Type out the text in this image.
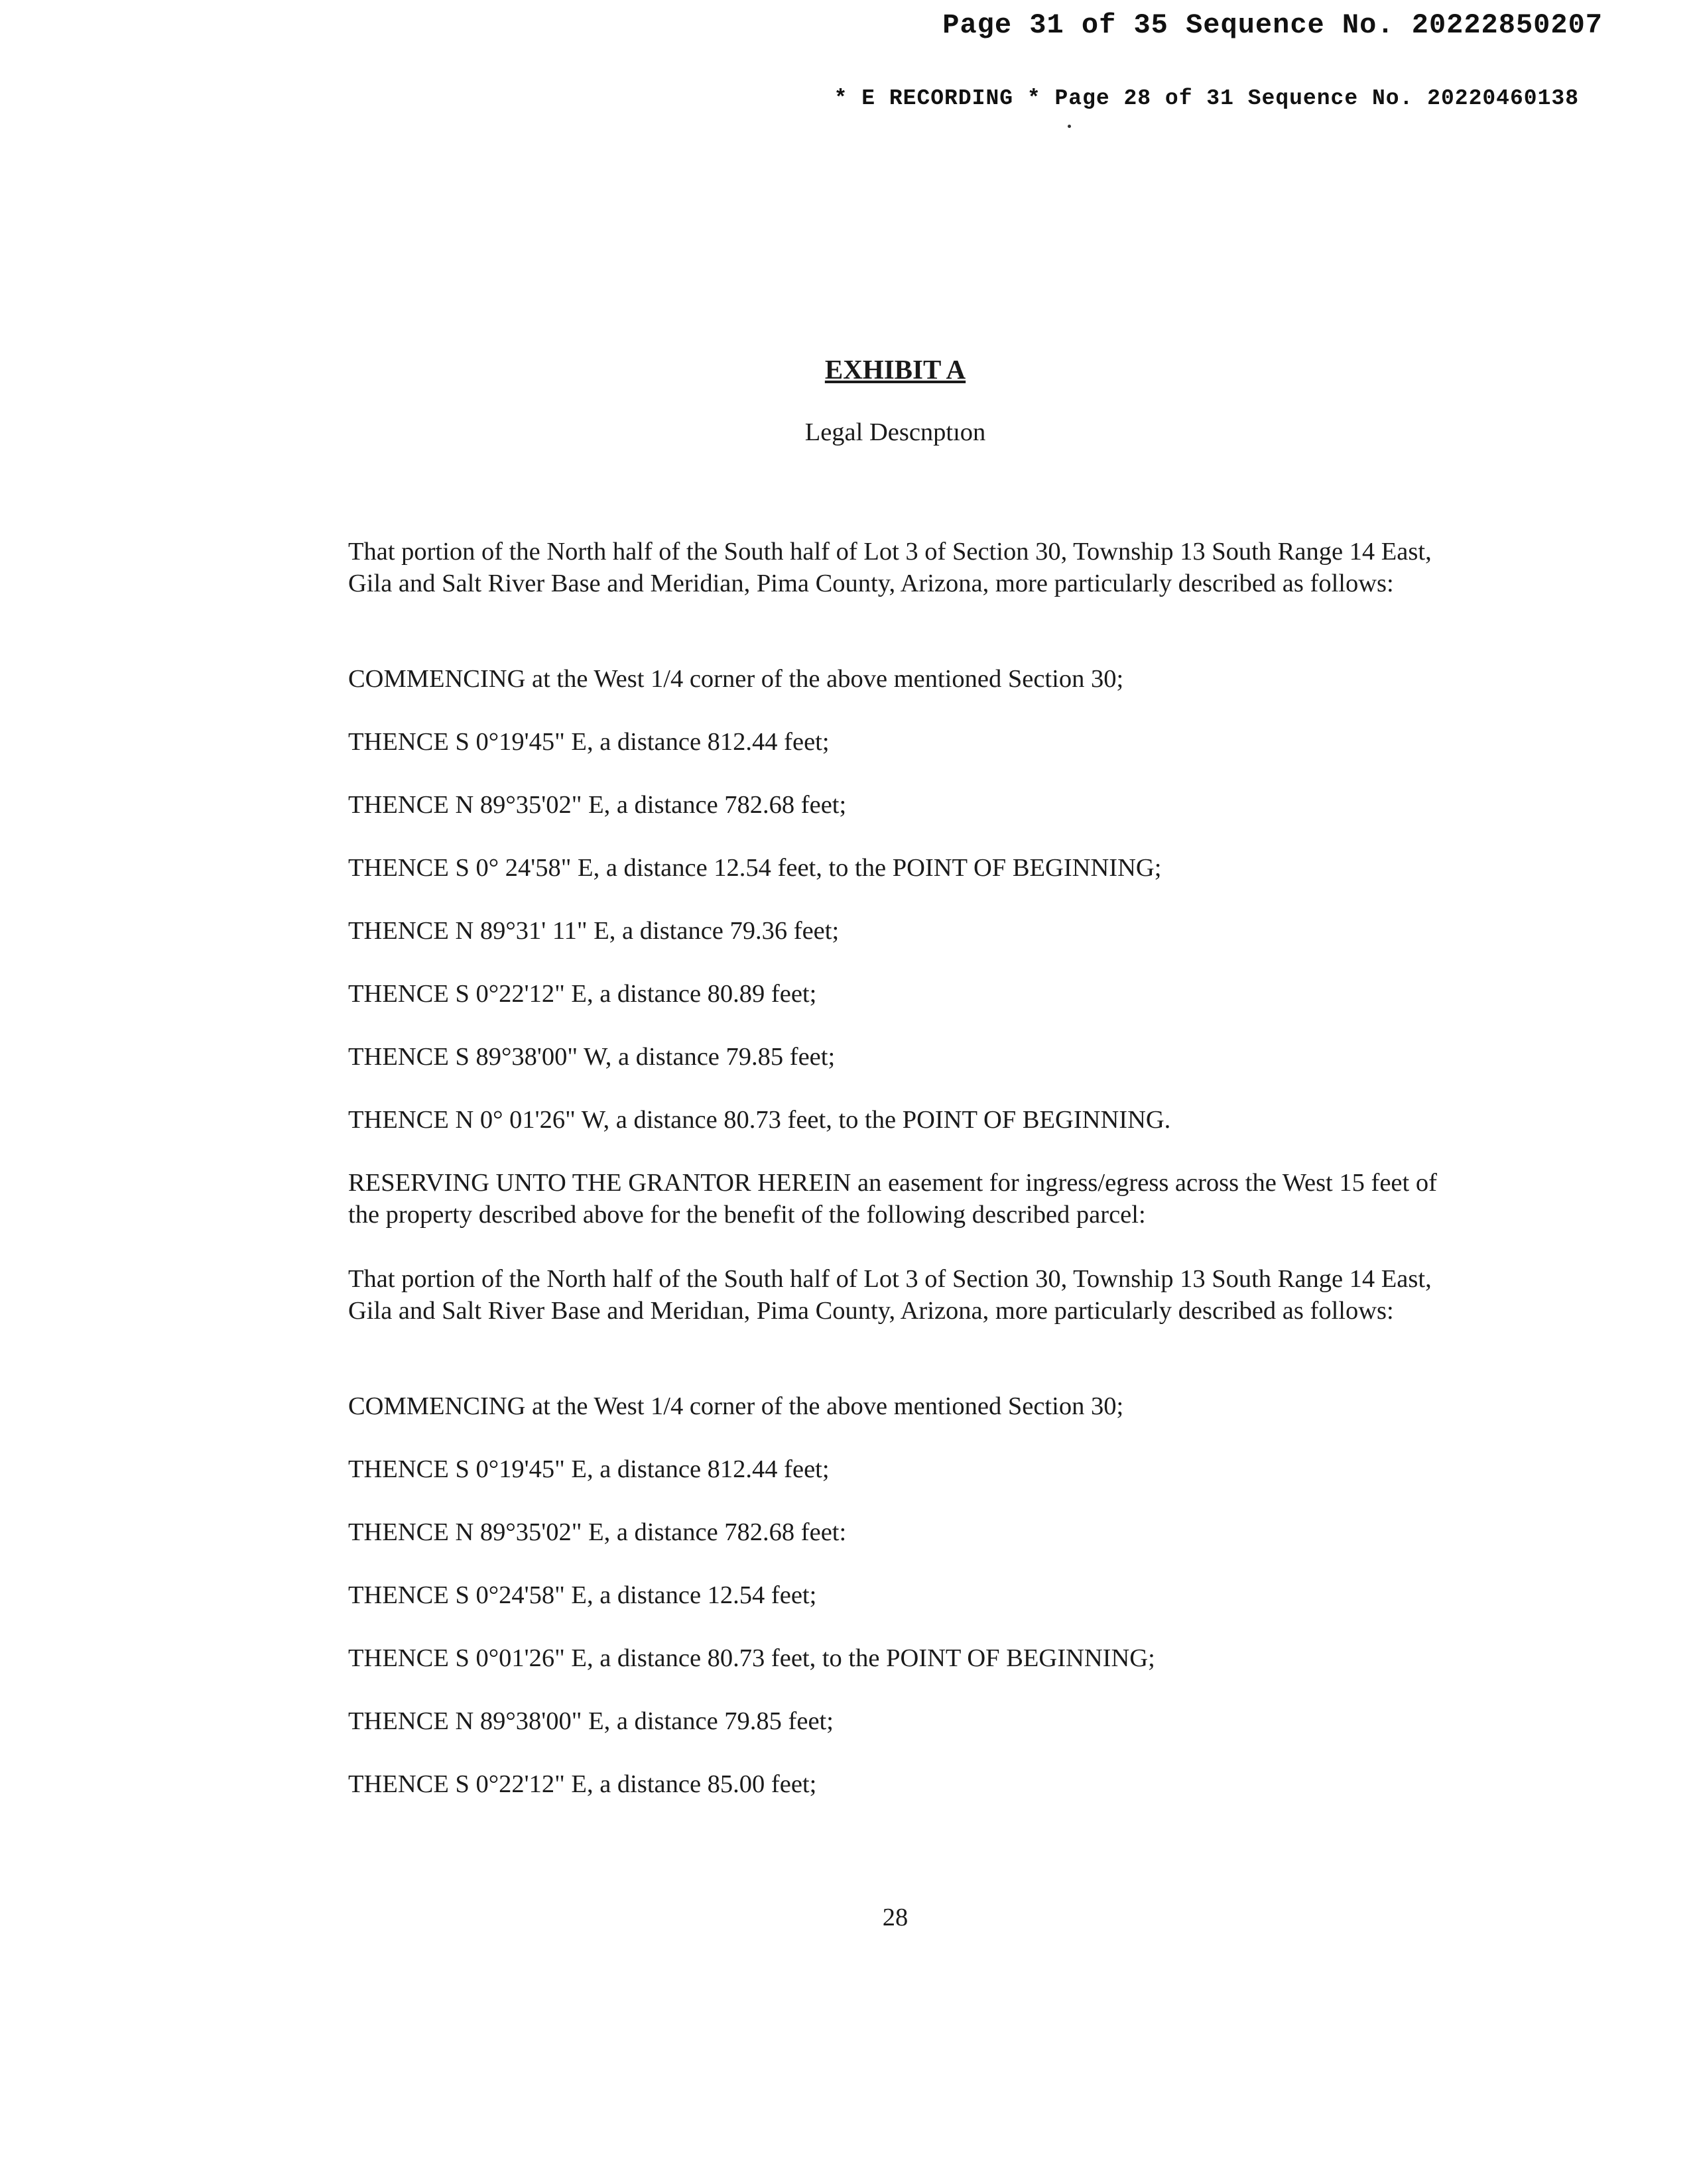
Page 31 of 35 Sequence No. 20222850207
* E RECORDING * Page 28 of 31 Sequence No. 20220460138

EXHIBIT A

Legal Descnptıon

That portion of the North half of the South half of Lot 3 of Section 30, Township 13 South Range 14 East, Gila and Salt River Base and Meridian, Pima County, Arizona, more particularly described as follows:

COMMENCING at the West 1/4 corner of the above mentioned Section 30;

THENCE S 0°19'45" E, a distance 812.44 feet;

THENCE N 89°35'02" E, a distance 782.68 feet;

THENCE S 0° 24'58" E, a distance 12.54 feet, to the POINT OF BEGINNING;

THENCE N 89°31' 11" E, a distance 79.36 feet;

THENCE S 0°22'12" E, a distance 80.89 feet;

THENCE S 89°38'00" W, a distance 79.85 feet;

THENCE N 0° 01'26" W, a distance 80.73 feet, to the POINT OF BEGINNING.

RESERVING UNTO THE GRANTOR HEREIN an easement for ingress/egress across the West 15 feet of the property described above for the benefit of the following described parcel:

That portion of the North half of the South half of Lot 3 of Section 30, Township 13 South Range 14 East, Gila and Salt River Base and Meridıan, Pima County, Arizona, more particularly described as follows:

COMMENCING at the West 1/4 corner of the above mentioned Section 30;

THENCE S 0°19'45" E, a distance 812.44 feet;

THENCE N 89°35'02" E, a distance 782.68 feet:

THENCE S 0°24'58" E, a distance 12.54 feet;

THENCE S 0°01'26" E, a distance 80.73 feet, to the POINT OF BEGINNING;

THENCE N 89°38'00" E, a distance 79.85 feet;

THENCE S 0°22'12" E, a distance 85.00 feet;

28
